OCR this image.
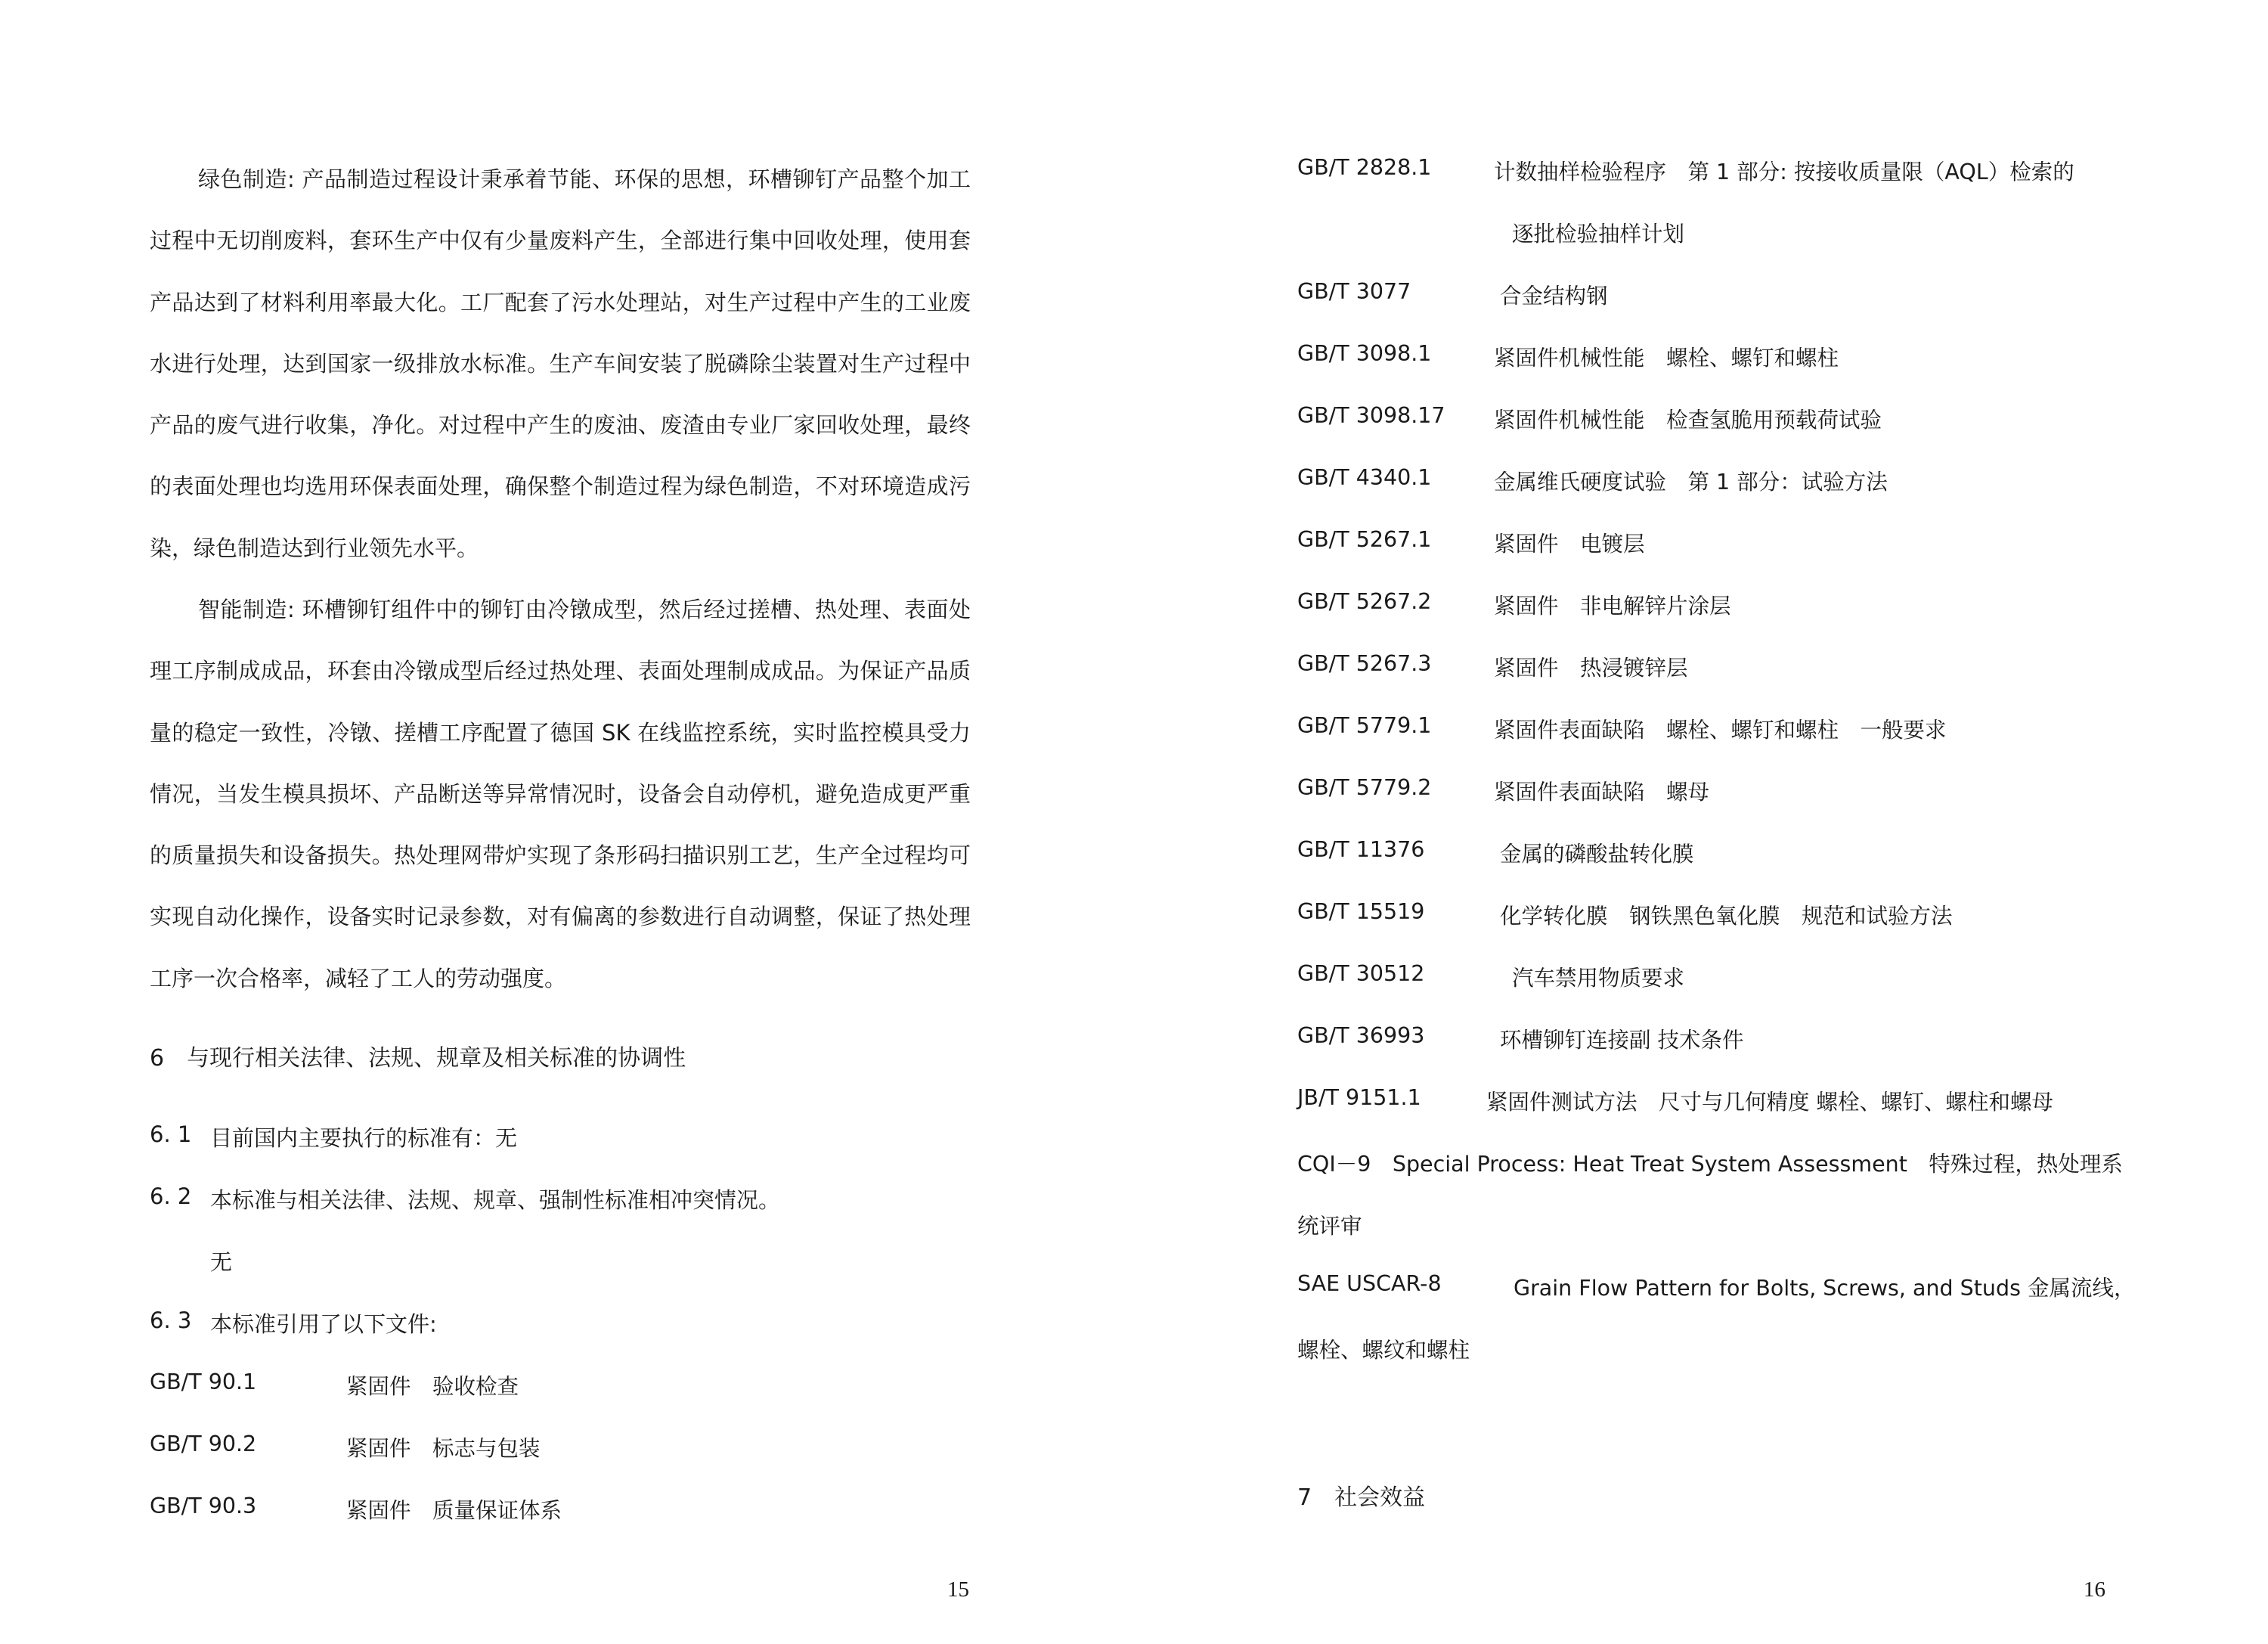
绿色制造: 产品制造过程设计秉承着节能、环保的思想，环槽铆钉产品整个加工过程中无切削废料，套环生产中仅有少量废料产生，全部进行集中回收处理，使用套产品达到了材料利用率最大化。工厂配套了污水处理站，对生产过程中产生的工业废水进行处理，达到国家一级排放水标准。生产车间安装了脱磷除尘装置对生产过程中产品的废气进行收集，净化。对过程中产生的废油、废渣由专业厂家回收处理，最终的表面处理也均选用环保表面处理，确保整个制造过程为绿色制造，不对环境造成污染，绿色制造达到行业领先水平。

智能制造: 环槽铆钉组件中的铆钉由冷镦成型，然后经过搓槽、热处理、表面处理工序制成成品，环套由冷镦成型后经过热处理、表面处理制成成品。为保证产品质量的稳定一致性，冷镦、搓槽工序配置了德国 SK 在线监控系统，实时监控模具受力情况，当发生模具损坏、产品断送等异常情况时，设备会自动停机，避免造成更严重的质量损失和设备损失。热处理网带炉实现了条形码扫描识别工艺，生产全过程均可实现自动化操作，设备实时记录参数，对有偏离的参数进行自动调整，保证了热处理工序一次合格率，减轻了工人的劳动强度。

6　与现行相关法律、法规、规章及相关标准的协调性
6. 1 目前国内主要执行的标准有：无
6. 2 本标准与相关法律、法规、规章、强制性标准相冲突情况。
无
6. 3 本标准引用了以下文件:
GB/T 90.1	紧固件　验收检查
GB/T 90.2	紧固件　标志与包装
GB/T 90.3	紧固件　质量保证体系
15
GB/T 2828.1	计数抽样检验程序　第 1 部分: 按接收质量限（AQL）检索的
逐批检验抽样计划
GB/T 3077	合金结构钢
GB/T 3098.1	紧固件机械性能　螺栓、螺钉和螺柱
GB/T 3098.17 紧固件机械性能　检查氢脆用预载荷试验
GB/T 4340.1	金属维氏硬度试验　第 1 部分：试验方法
GB/T 5267.1	紧固件　电镀层
GB/T 5267.2	紧固件　非电解锌片涂层
GB/T 5267.3	紧固件　热浸镀锌层
GB/T 5779.1	紧固件表面缺陷　螺栓、螺钉和螺柱　一般要求
GB/T 5779.2	紧固件表面缺陷　螺母
GB/T 11376	金属的磷酸盐转化膜
GB/T 15519	化学转化膜　钢铁黑色氧化膜　规范和试验方法
GB/T 30512	汽车禁用物质要求
GB/T 36993	环槽铆钉连接副 技术条件
JB/T 9151.1	紧固件测试方法　尺寸与几何精度 螺栓、螺钉、螺柱和螺母
CQI－9　Special Process: Heat Treat System Assessment　特殊过程，热处理系
统评审
SAE USCAR-8	Grain Flow Pattern for Bolts, Screws, and Studs 金属流线，
螺栓、螺纹和螺柱
7　社会效益
16
